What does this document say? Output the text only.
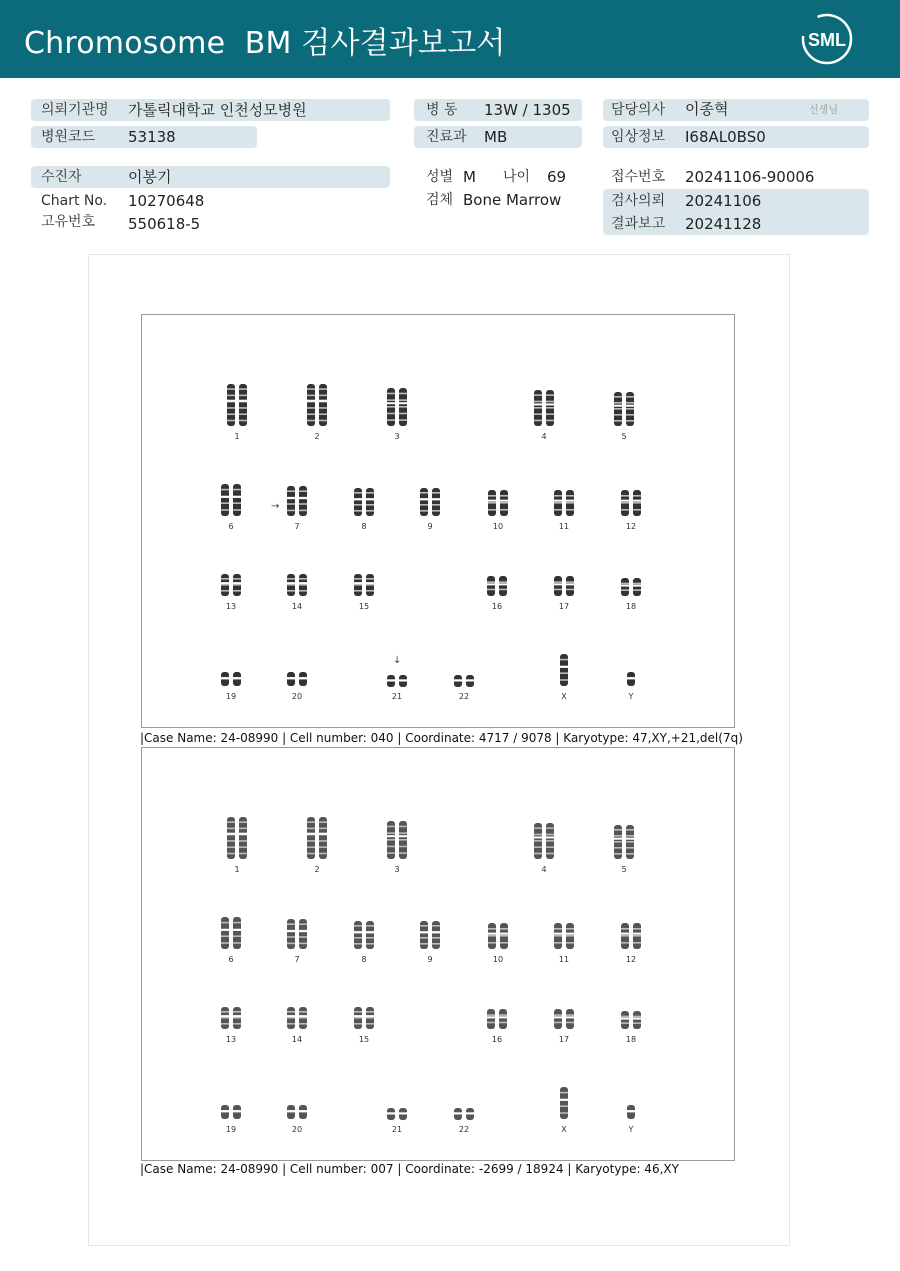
Chromosome  BM 검사결과보고서	SML
의뢰기관명 가톨릭대학교 인천성모병원
병원코드 53138
수진자	이봉기
Chart No. 10270648
고유번호 550618-5
병 동 13W / 1305
진료과 MB
성별 M 나이 69
검체 Bone Marrow
담당의사 이종혁	선생님
임상정보 I68AL0BS0
접수번호 20241106-90006
검사의뢰 20241106
결과보고 20241128
1	2	3	4	5
6	7	8	9	10	11	12
13	14	15	16	17	18
19	20	21	22	X	Y
→
↓
|Case Name: 24-08990 | Cell number: 040 | Coordinate: 4717 / 9078 | Karyotype: 47,XY,+21,del(7q)
1	2	3	4	5
6	7	8	9	10	11	12
13	14	15	16	17	18
19	20	21	22	X	Y
|Case Name: 24-08990 | Cell number: 007 | Coordinate: -2699 / 18924 | Karyotype: 46,XY
